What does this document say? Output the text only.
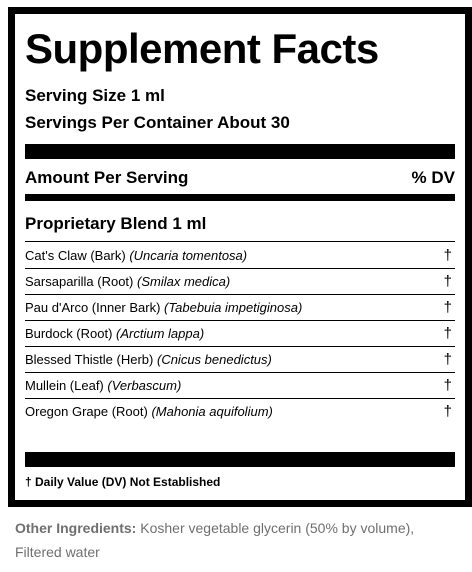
Supplement Facts
Serving Size 1 ml
Servings Per Container About 30
Amount Per Serving	% DV
Proprietary Blend 1 ml
Cat's Claw (Bark) (Uncaria tomentosa)	†
Sarsaparilla (Root) (Smilax medica)	†
Pau d'Arco (Inner Bark) (Tabebuia impetiginosa)	†
Burdock (Root) (Arctium lappa)	†
Blessed Thistle (Herb) (Cnicus benedictus)	†
Mullein (Leaf) (Verbascum)	†
Oregon Grape (Root) (Mahonia aquifolium)	†
† Daily Value (DV) Not Established
Other Ingredients: Kosher vegetable glycerin (50% by volume), Filtered water
